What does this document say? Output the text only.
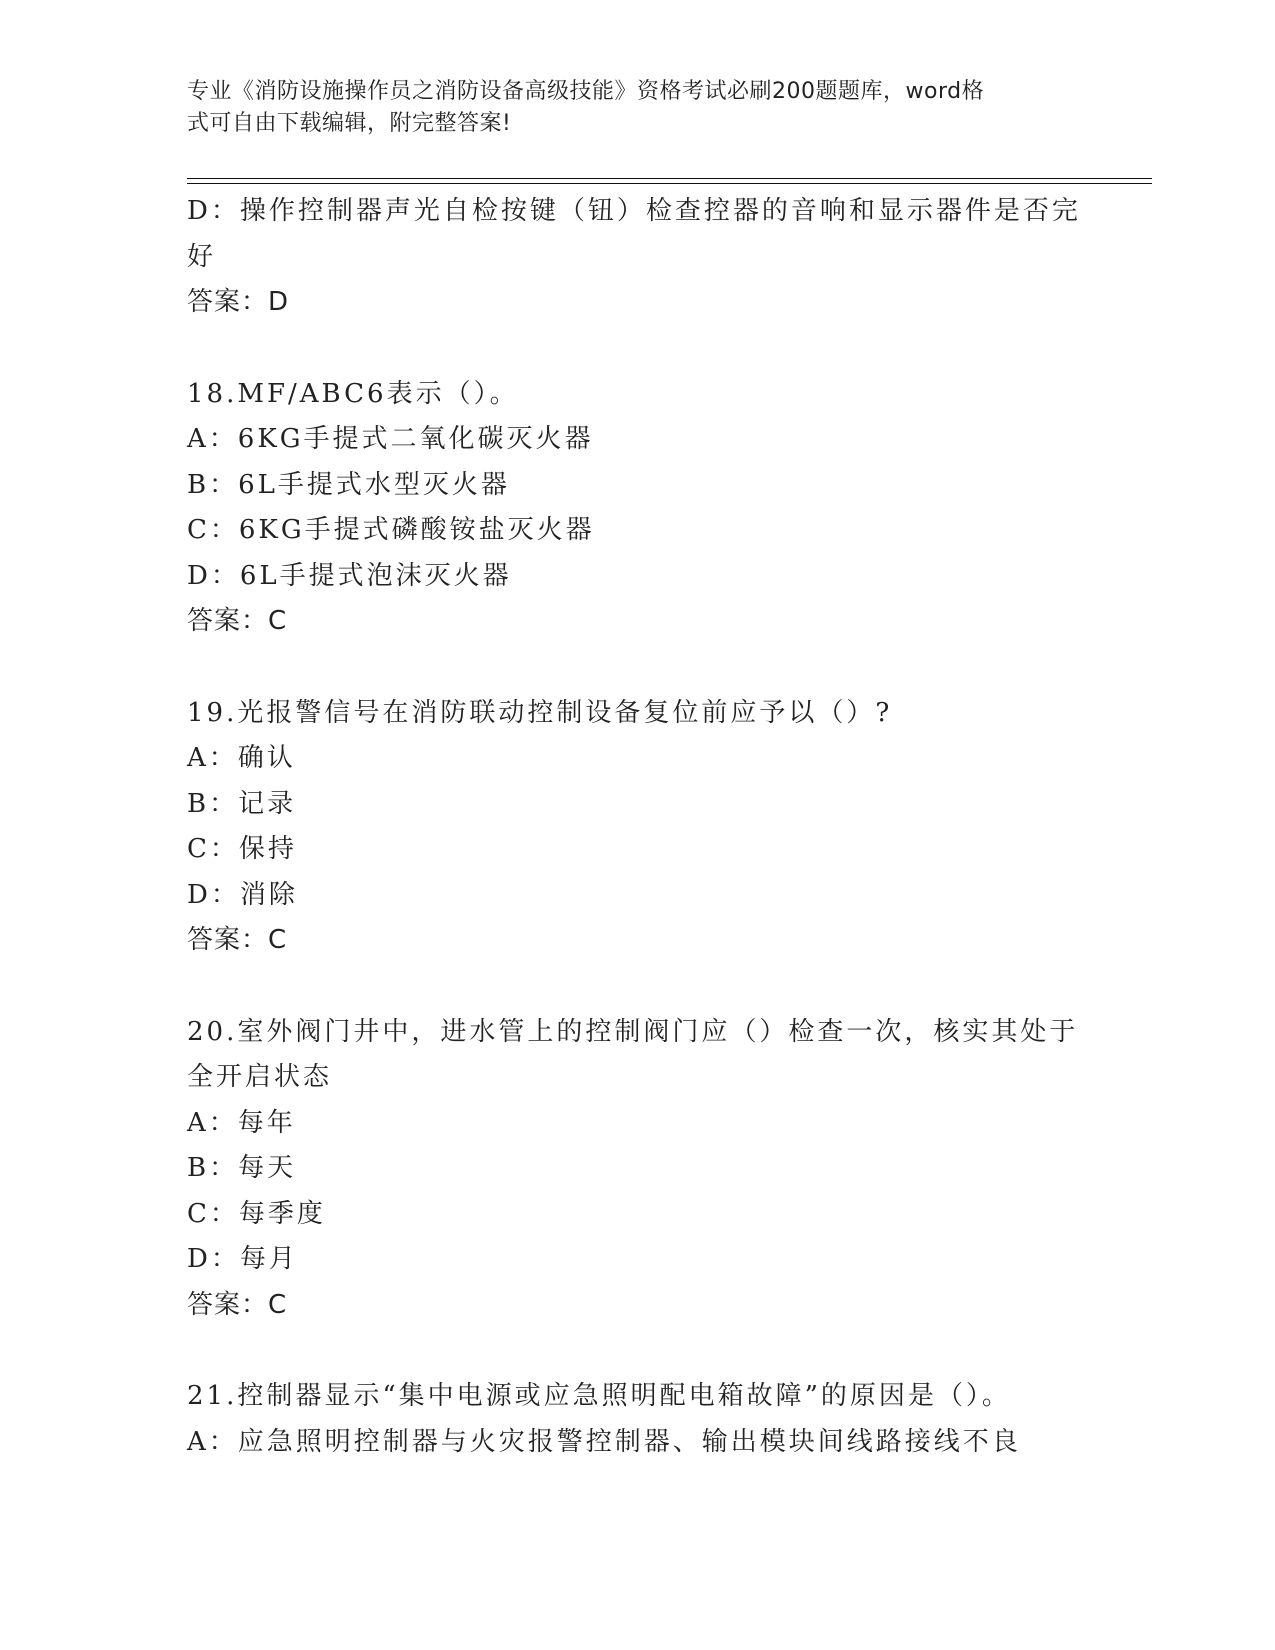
专业《消防设施操作员之消防设备高级技能》资格考试必刷200题题库，word格
式可自由下载编辑，附完整答案!

D：操作控制器声光自检按键（钮）检查控器的音响和显示器件是否完

好

答案：D

18.MF/ABC6表示（）。

A：6KG手提式二氧化碳灭火器

B：6L手提式水型灭火器

C：6KG手提式磷酸铵盐灭火器

D：6L手提式泡沫灭火器

答案：C

19.光报警信号在消防联动控制设备复位前应予以（）?

A：确认

B：记录

C：保持

D：消除

答案：C

20.室外阀门井中，进水管上的控制阀门应（）检查一次，核实其处于

全开启状态

A：每年

B：每天

C：每季度

D：每月

答案：C

21.控制器显示“集中电源或应急照明配电箱故障”的原因是（）。

A：应急照明控制器与火灾报警控制器、输出模块间线路接线不良
